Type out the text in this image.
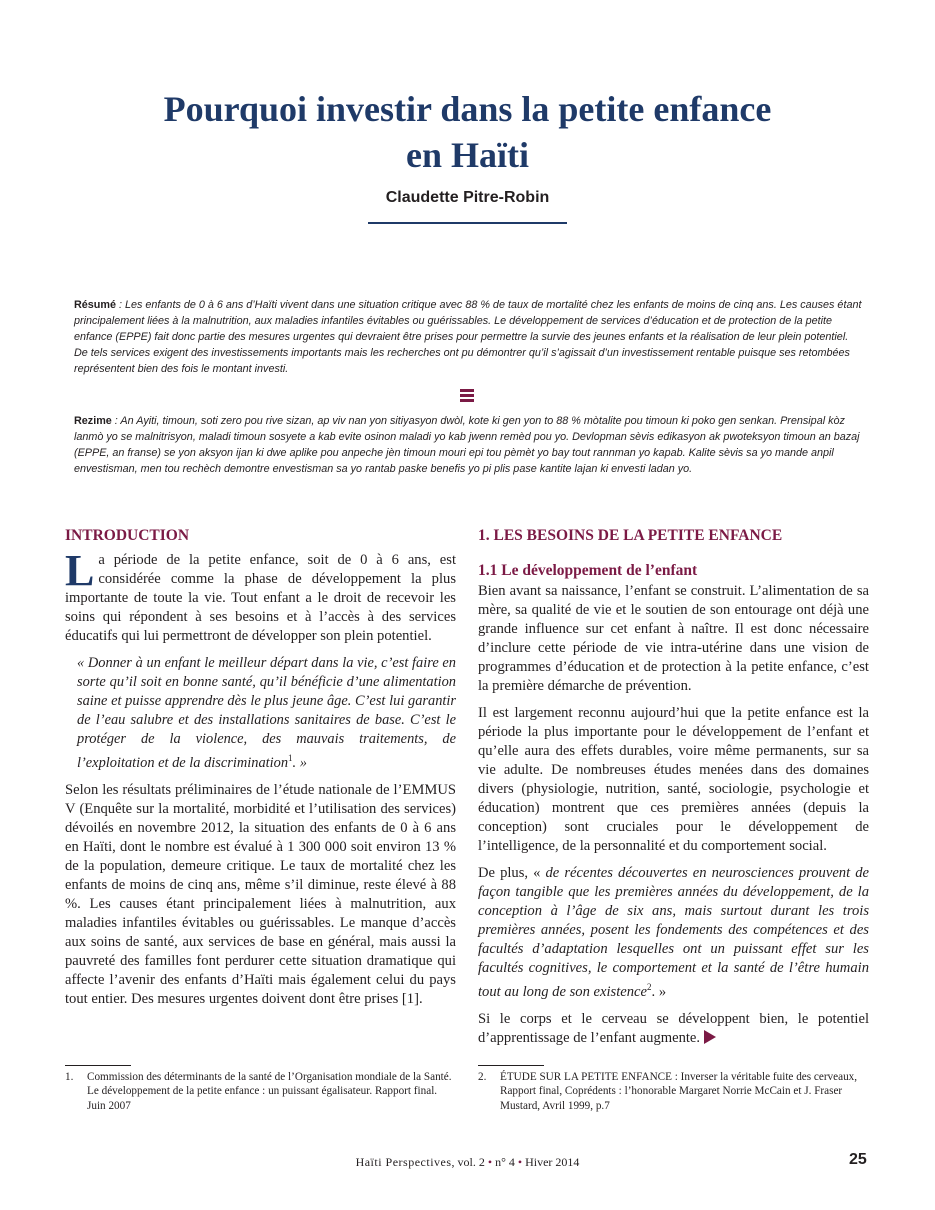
Pourquoi investir dans la petite enfance
en Haïti
Claudette Pitre-Robin
Résumé : Les enfants de 0 à 6 ans d’Haïti vivent dans une situation critique avec 88 % de taux de mortalité chez les enfants de moins de cinq ans. Les causes étant principalement liées à la malnutrition, aux maladies infantiles évitables ou guérissables. Le développement de services d’éducation et de protection de la petite enfance (EPPE) fait donc partie des mesures urgentes qui devraient être prises pour permettre la survie des jeunes enfants et la réalisation de leur plein potentiel. De tels services exigent des investissements importants mais les recherches ont pu démontrer qu’il s’agissait d’un investissement rentable puisque ses retombées représentent bien des fois le montant investi.
Rezime : An Ayiti, timoun, soti zero pou rive sizan, ap viv nan yon sitiyasyon dwòl, kote ki gen yon to 88 % mòtalite pou timoun ki poko gen senkan. Prensipal kòz lanmò yo se malnitrisyon, maladi timoun sosyete a kab evite osinon maladi yo kab jwenn remèd pou yo. Devlopman sèvis edikasyon ak pwoteksyon timoun an bazaj (EPPE, an franse) se yon aksyon ijan ki dwe aplike pou anpeche jèn timoun mouri epi tou pèmèt yo bay tout rannman yo kapab. Kalite sèvis sa yo mande anpil envestisman, men tou rechèch demontre envestisman sa yo rantab paske benefis yo pi plis pase kantite lajan ki envesti ladan yo.
INTRODUCTION

La période de la petite enfance, soit de 0 à 6 ans, est considérée comme la phase de développement la plus importante de toute la vie. Tout enfant a le droit de recevoir les soins qui répondent à ses besoins et à l’accès à des services éducatifs qui lui permettront de développer son plein potentiel.

« Donner à un enfant le meilleur départ dans la vie, c’est faire en sorte qu’il soit en bonne santé, qu’il bénéficie d’une alimentation saine et puisse apprendre dès le plus jeune âge. C’est lui garantir de l’eau salubre et des installations sanitaires de base. C’est le protéger de la violence, des mauvais traitements, de l’exploitation et de la discrimination$^1$. »

Selon les résultats préliminaires de l’étude nationale de l’EMMUS V (Enquête sur la mortalité, morbidité et l’utilisation des services) dévoilés en novembre 2012, la situation des enfants de 0 à 6 ans en Haïti, dont le nombre est évalué à 1 300 000 soit environ 13 % de la population, demeure critique. Le taux de mortalité chez les enfants de moins de cinq ans, même s’il diminue, reste élevé à 88 %. Les causes étant principalement liées à malnutrition, aux maladies infantiles évitables ou guérissables. Le manque d’accès aux soins de santé, aux services de base en général, mais aussi la pauvreté des familles font perdurer cette situation dramatique qui affecte l’avenir des enfants d’Haïti mais également celui du pays tout entier. Des mesures urgentes doivent dont être prises [1].

1. LES BESOINS DE LA PETITE ENFANCE
1.1 Le développement de l’enfant

Bien avant sa naissance, l’enfant se construit. L’alimentation de sa mère, sa qualité de vie et le soutien de son entourage ont déjà une grande influence sur cet enfant à naître. Il est donc nécessaire d’inclure cette période de vie intra-utérine dans une vision de programmes d’éducation et de protection à la petite enfance, c’est la première démarche de prévention.

Il est largement reconnu aujourd’hui que la petite enfance est la période la plus importante pour le développement de l’enfant et qu’elle aura des effets durables, voire même permanents, sur sa vie adulte. De nombreuses études menées dans des domaines divers (physiologie, nutrition, santé, sociologie, psychologie et éducation) montrent que ces premières années (depuis la conception) sont cruciales pour le développement de l’intelligence, de la personnalité et du comportement social.

De plus, « de récentes découvertes en neurosciences prouvent de façon tangible que les premières années du développement, de la conception à l’âge de six ans, mais surtout durant les trois premières années, posent les fondements des compétences et des facultés d’adaptation lesquelles ont un puissant effet sur les facultés cognitives, le comportement et la santé de l’être humain tout au long de son existence$^2$. »

Si le corps et le cerveau se développent bien, le potentiel d’apprentissage de l’enfant augmente.

1.	Commission des déterminants de la santé de l’Organisation mondiale de la Santé. Le développement de la petite enfance : un puissant égalisateur. Rapport final. Juin 2007
2.	ÉTUDE SUR LA PETITE ENFANCE : Inverser la véritable fuite des cerveaux, Rapport final, Coprédents : l’honorable Margaret Norrie McCain et J. Fraser Mustard, Avril 1999, p.7
Haïti Perspectives, vol. 2 • n° 4 • Hiver 2014	25
